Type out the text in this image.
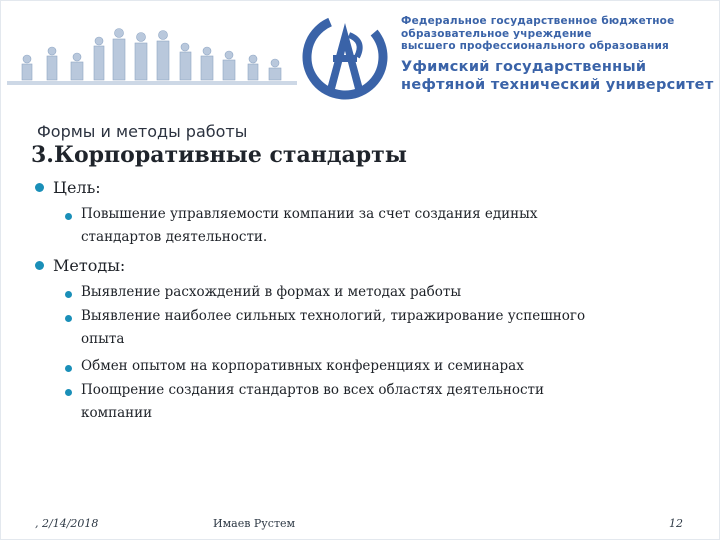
Федеральное государственное бюджетное
образовательное учреждение
высшего профессионального образования
Уфимский государственный
нефтяной технический университет
Формы и методы работы
3.Корпоративные стандарты
Цель:
Повышение управляемости компании за счет создания единых
стандартов деятельности.
Методы:
Выявление расхождений в формах и методах работы
Выявление наиболее сильных технологий, тиражирование успешного
опыта
Обмен опытом на корпоративных конференциях и семинарах
Поощрение создания стандартов во всех областях деятельности
компании
, 2/14/2018	Имаев Рустем	12
